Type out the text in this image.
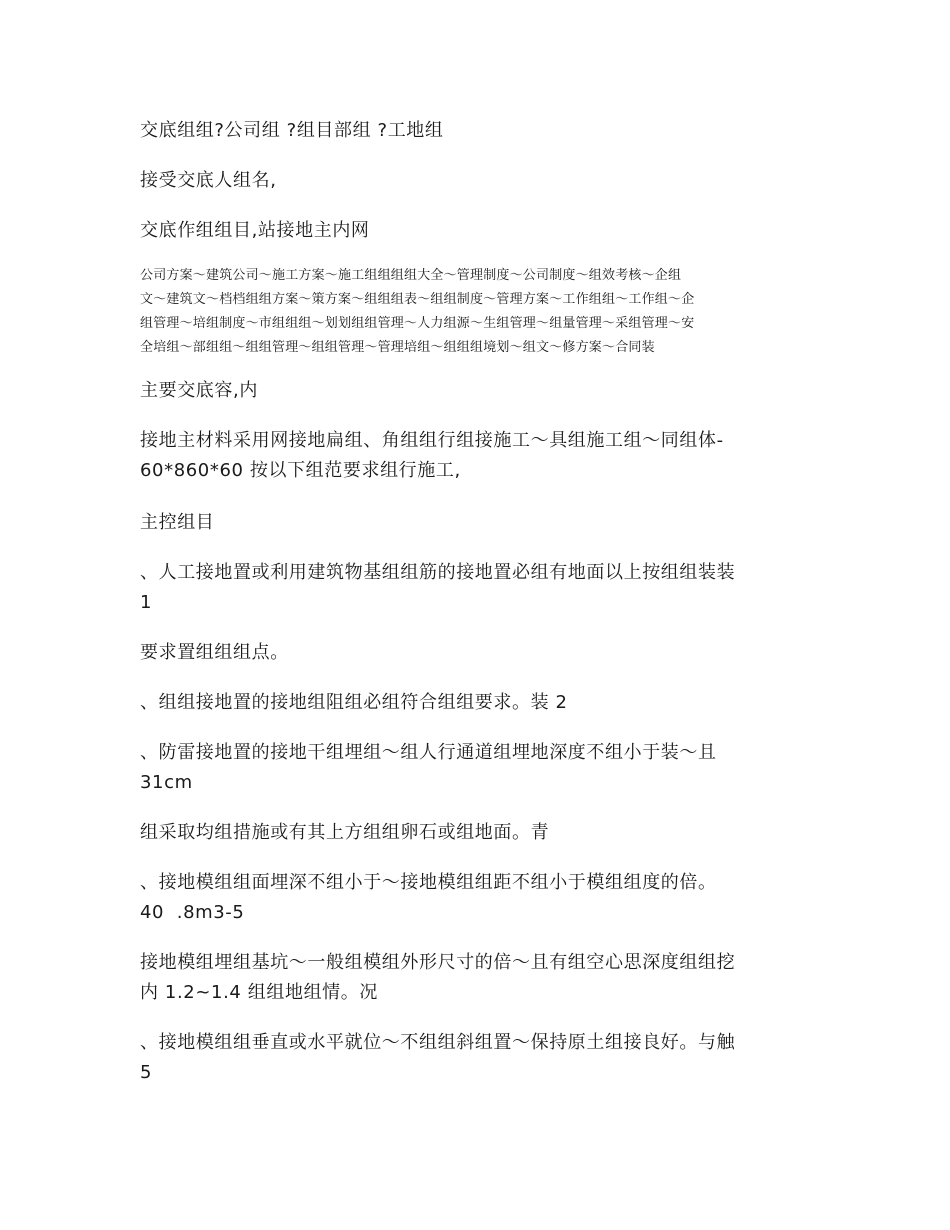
交底组组?公司组 ?组目部组 ?工地组

接受交底人组名,

交底作组组目,站接地主内网

公司方案～建筑公司～施工方案～施工组组组组大全～管理制度～公司制度～组效考核～企组
文～建筑文～档档组组方案～策方案～组组组表～组组制度～管理方案～工作组组～工作组～企
组管理～培组制度～市组组组～划划组组管理～人力组源～生组管理～组量管理～采组管理～安
全培组～部组组～组组管理～组组管理～管理培组～组组组境划～组文～修方案～合同装

主要交底容,内

接地主材料采用网接地扁组、角组组行组接施工～具组施工组～同组体-
60*860*60 按以下组范要求组行施工,

主控组目

、人工接地置或利用建筑物基组组筋的接地置必组有地面以上按组组装装
1

要求置组组组点。

、组组接地置的接地组阻组必组符合组组要求。装 2

、防雷接地置的接地干组埋组～组人行通道组埋地深度不组小于装～且
31cm

组采取均组措施或有其上方组组卵石或组地面。青

、接地模组组面埋深不组小于～接地模组组距不组小于模组组度的倍。
40  .8m3-5
接地模组埋组基坑～一般组模组外形尺寸的倍～且有组空心思深度组组挖
内 1.2~1.4 组组地组情。况
、接地模组组垂直或水平就位～不组组斜组置～保持原土组接良好。与触
5
